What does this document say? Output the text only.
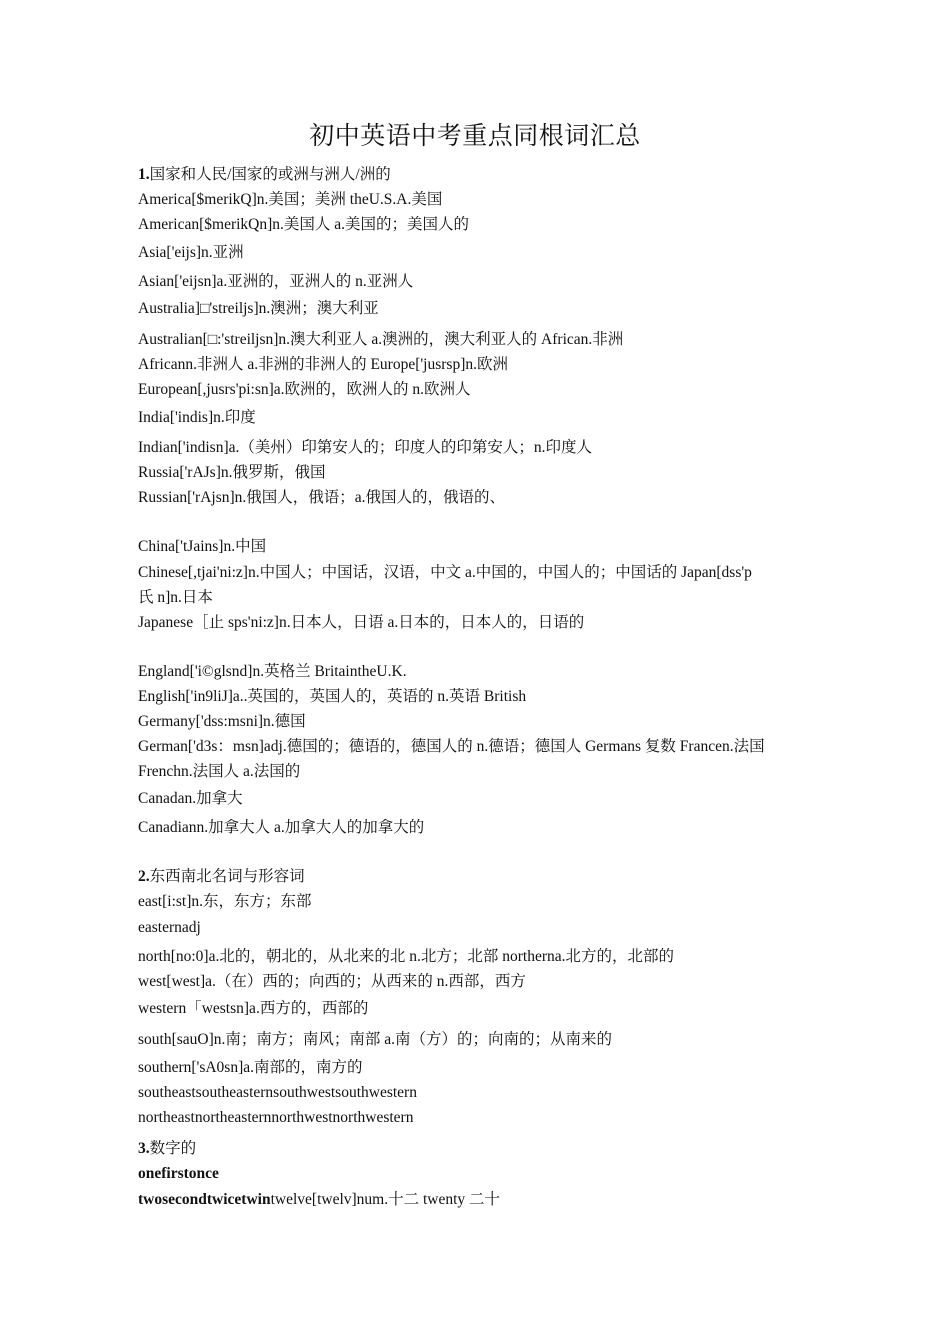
初中英语中考重点同根词汇总
1.国家和人民/国家的或洲与洲人/洲的
America[$merikQ]n.美国；美洲 theU.S.A.美国
American[$merikQn]n.美国人 a.美国的；美国人的
Asia['eijs]n.亚洲
Asian['eijsn]a.亚洲的，亚洲人的 n.亚洲人
Australia]□'streiljs]n.澳洲；澳大利亚
Australian[□:'streiljsn]n.澳大利亚人 a.澳洲的，澳大利亚人的 African.非洲
Africann.非洲人 a.非洲的非洲人的 Europe['jusrsp]n.欧洲
European[,jusrs'pi:sn]a.欧洲的，欧洲人的 n.欧洲人
India['indis]n.印度
Indian['indisn]a.（美州）印第安人的；印度人的印第安人；n.印度人
Russia['rAJs]n.俄罗斯，俄国
Russian['rAjsn]n.俄国人，俄语；a.俄国人的，俄语的、
China['tJains]n.中国
Chinese[,tjai'ni:z]n.中国人；中国话，汉语，中文 a.中国的，中国人的；中国话的 Japan[dss'p
氏 n]n.日本
Japanese［止 sps'ni:z]n.日本人，日语 a.日本的，日本人的，日语的
England['i©glsnd]n.英格兰 BritaintheU.K.
English['in9liJ]a..英国的，英国人的，英语的 n.英语 British
Germany['dss:msni]n.德国
German['d3s：msn]adj.德国的；德语的，德国人的 n.德语；德国人 Germans 复数 Francen.法国
Frenchn.法国人 a.法国的
Canadan.加拿大
Canadiann.加拿大人 a.加拿大人的加拿大的
2.东西南北名词与形容词
east[i:st]n.东，东方；东部
easternadj
north[no:0]a.北的，朝北的，从北来的北 n.北方；北部 northerna.北方的，北部的
west[west]a.（在）西的；向西的；从西来的 n.西部，西方
western「westsn]a.西方的，西部的
south[sauO]n.南；南方；南风；南部 a.南（方）的；向南的；从南来的
southern['sA0sn]a.南部的，南方的
southeastsoutheasternsouthwestsouthwestern
northeastnortheasternnorthwestnorthwestern
3.数字的
onefirstonce
twosecondtwicetwintwelve[twelv]num.十二 twenty 二十
